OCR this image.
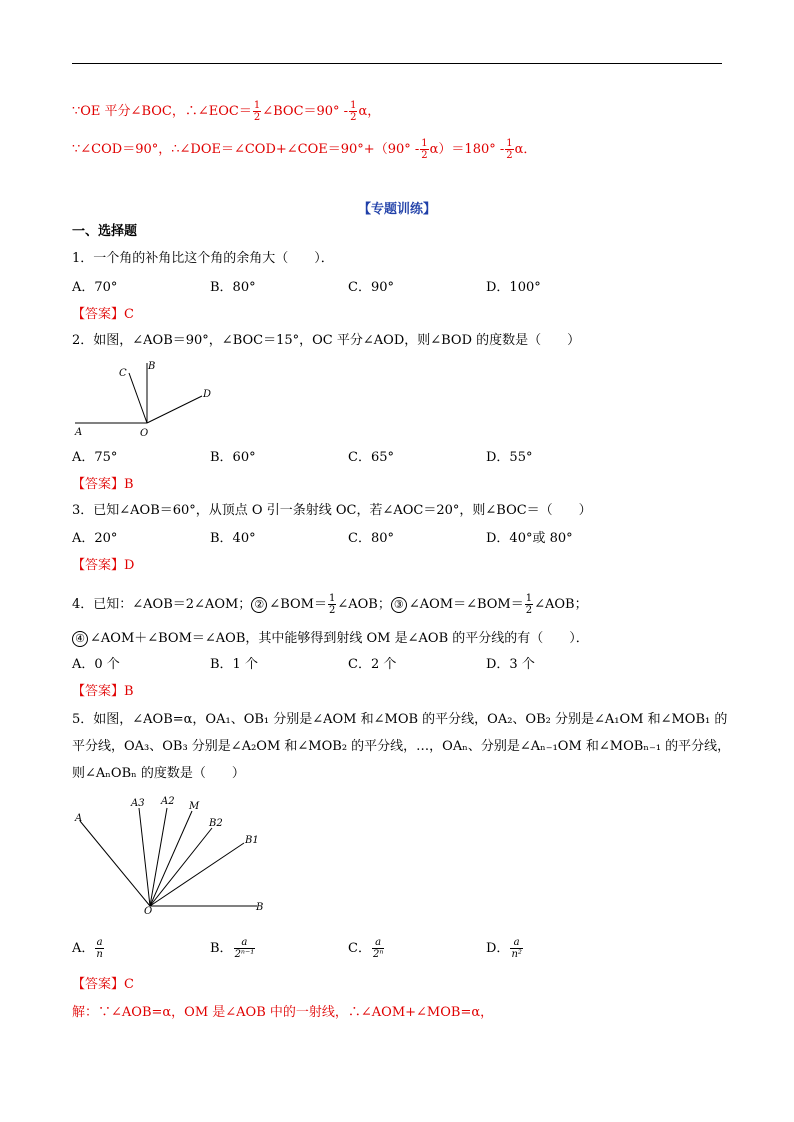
∵OE 平分∠BOC，∴∠EOC＝ $\frac{1}{2}$ ∠BOC＝90° - $\frac{1}{2}$ α，
∵∠COD＝90°，∴∠DOE＝∠COD+∠COE＝90°+（90° - $\frac{1}{2} \alpha)=180^\circ - \frac{1}{2}$ α．
【专题训练】
一、选择题
1．一个角的补角比这个角的余角大（　　）．
A．70°	B．80°	C．90°	D．100°
【答案】C
2．如图，∠AOB＝90°，∠BOC＝15°，OC 平分∠AOD，则∠BOD 的度数是（　　）
A
B
C
D
O
A．75°	B．60°	C．65°	D．55°
【答案】B
3．已知∠AOB＝60°，从顶点 O 引一条射线 OC，若∠AOC＝20°，则∠BOC＝（　　）
A．20°	B．40°	C．80°	D．40°或 80°
【答案】D
4．已知：∠AOB＝2∠AOM； ② ∠BOM＝ $\frac{1}{2}$ ∠AOB； ③ ∠AOM＝∠BOM＝ $\frac{1}{2}$ ∠AOB；
④ ∠AOM＋∠BOM＝∠AOB，其中能够得到射线 OM 是∠AOB 的平分线的有（　　）．
A．0 个	B．1 个	C．2 个	D．3 个
【答案】B
5．如图，∠AOB=α，OA₁、OB₁ 分别是∠AOM 和∠MOB 的平分线，OA₂、OB₂ 分别是∠A₁OM 和∠MOB₁ 的
平分线，OA₃、OB₃ 分别是∠A₂OM 和∠MOB₂ 的平分线，…，OAₙ、分别是∠Aₙ₋₁OM 和∠MOBₙ₋₁ 的平分线，
则∠AₙOBₙ 的度数是（　　）
A
A3 A2 M
B2
B1
B
O
A． $\frac{a}{n}$	B． $\frac{a}{\text{2ⁿ⁻¹}}$	C． $\frac{a}{\text{2ⁿ}}$	D． $\frac{a}{\text{n²}}$
【答案】C
解：∵∠AOB=α，OM 是∠AOB 中的一射线，∴∠AOM+∠MOB=α，
